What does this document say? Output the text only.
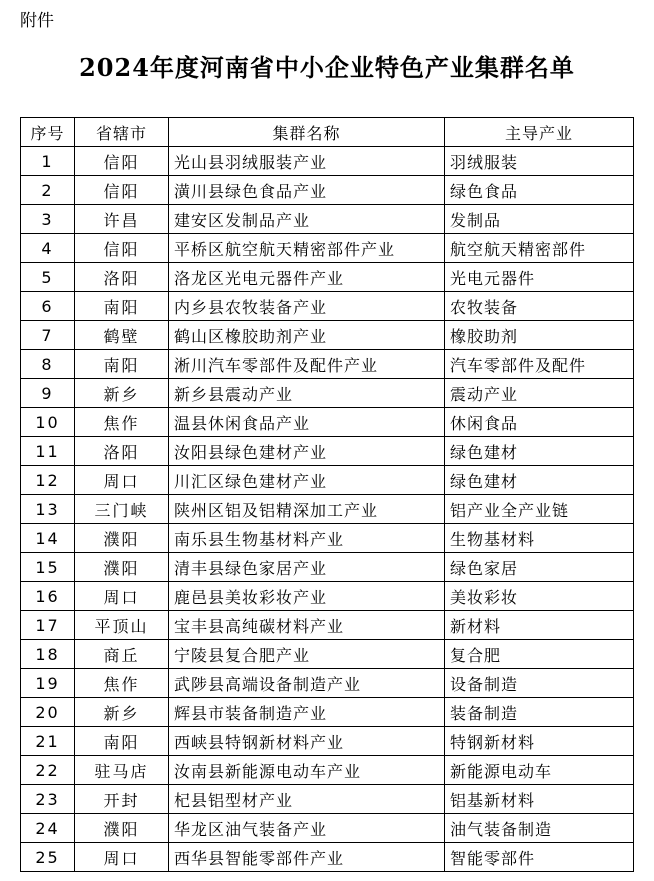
附件
2024年度河南省中小企业特色产业集群名单
序号	省辖市	集群名称	主导产业
1	信阳	光山县羽绒服装产业	羽绒服装
2	信阳	潢川县绿色食品产业	绿色食品
3	许昌	建安区发制品产业	发制品
4	信阳	平桥区航空航天精密部件产业	航空航天精密部件
5	洛阳	洛龙区光电元器件产业	光电元器件
6	南阳	内乡县农牧装备产业	农牧装备
7	鹤壁	鹤山区橡胶助剂产业	橡胶助剂
8	南阳	淅川汽车零部件及配件产业	汽车零部件及配件
9	新乡	新乡县震动产业	震动产业
10	焦作	温县休闲食品产业	休闲食品
11	洛阳	汝阳县绿色建材产业	绿色建材
12	周口	川汇区绿色建材产业	绿色建材
13	三门峡	陕州区铝及铝精深加工产业	铝产业全产业链
14	濮阳	南乐县生物基材料产业	生物基材料
15	濮阳	清丰县绿色家居产业	绿色家居
16	周口	鹿邑县美妆彩妆产业	美妆彩妆
17	平顶山	宝丰县高纯碳材料产业	新材料
18	商丘	宁陵县复合肥产业	复合肥
19	焦作	武陟县高端设备制造产业	设备制造
20	新乡	辉县市装备制造产业	装备制造
21	南阳	西峡县特钢新材料产业	特钢新材料
22	驻马店	汝南县新能源电动车产业	新能源电动车
23	开封	杞县铝型材产业	铝基新材料
24	濮阳	华龙区油气装备产业	油气装备制造
25	周口	西华县智能零部件产业	智能零部件
